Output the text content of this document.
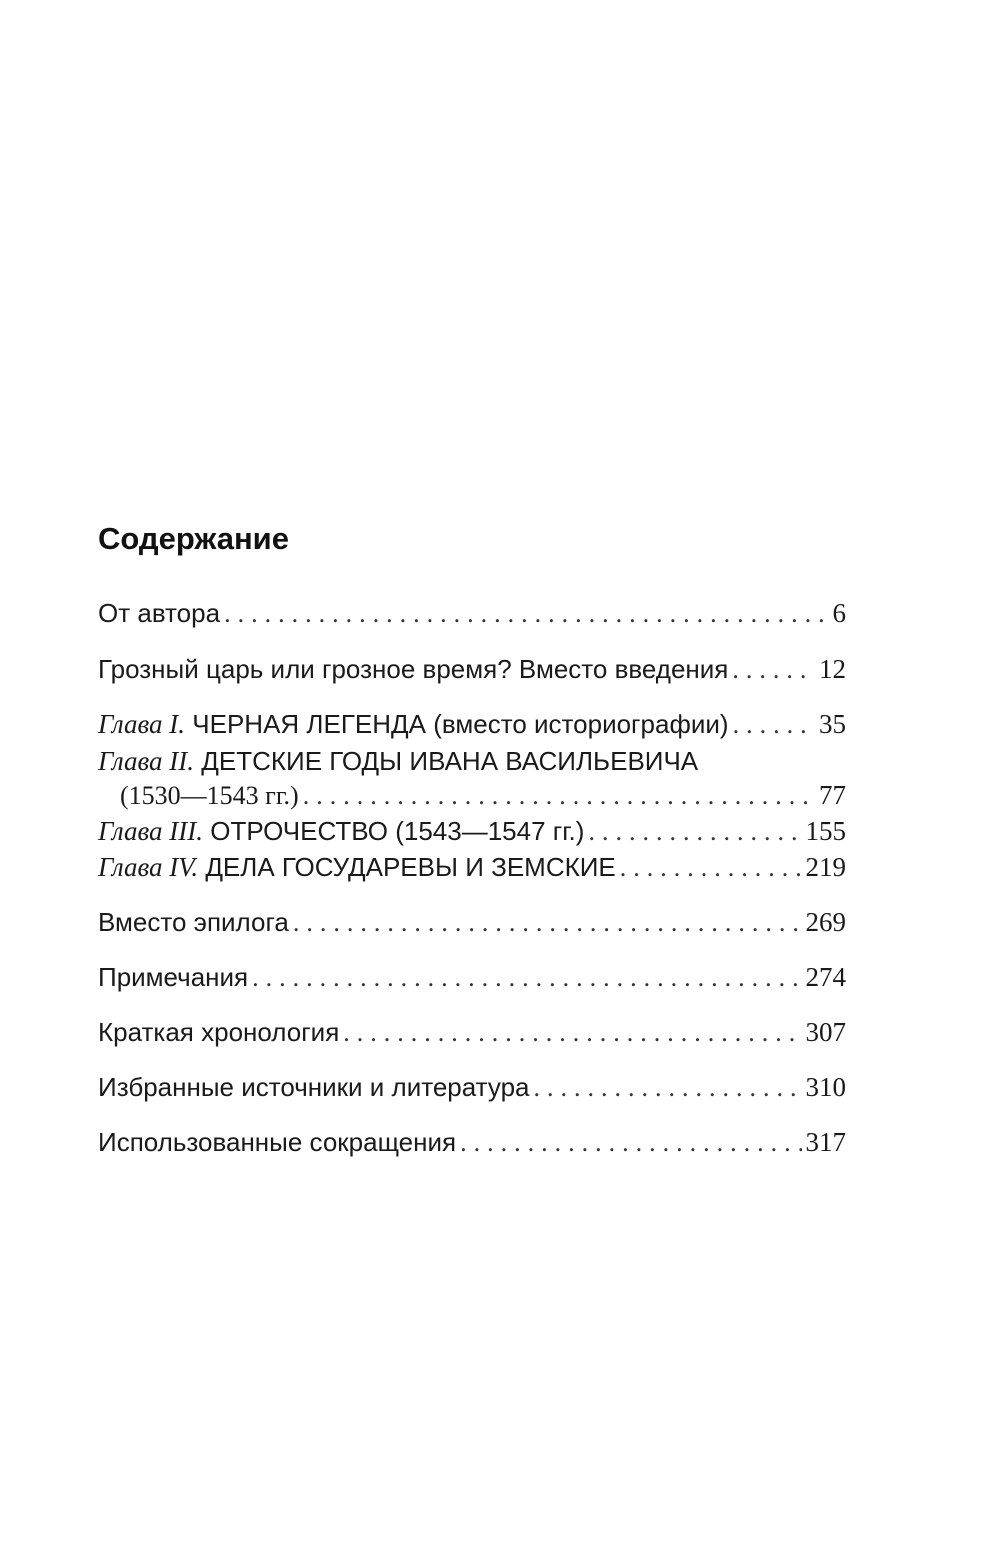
Содержание
От автора .....	6
Грозный царь или грозное время? Вместо введения .....	12
Глава I. ЧЕРНАЯ ЛЕГЕНДА (вместо историографии) .....	35
Глава II. ДЕТСКИЕ ГОДЫ ИВАНА ВАСИЛЬЕВИЧА
(1530—1543 гг.) .....	77
Глава III. ОТРОЧЕСТВО (1543—1547 гг.) .....	155
Глава IV. ДЕЛА ГОСУДАРЕВЫ И ЗЕМСКИЕ .....	219
Вместо эпилога .....	269
Примечания .....	274
Краткая хронология .....	307
Избранные источники и литература .....	310
Использованные сокращения .....	317
